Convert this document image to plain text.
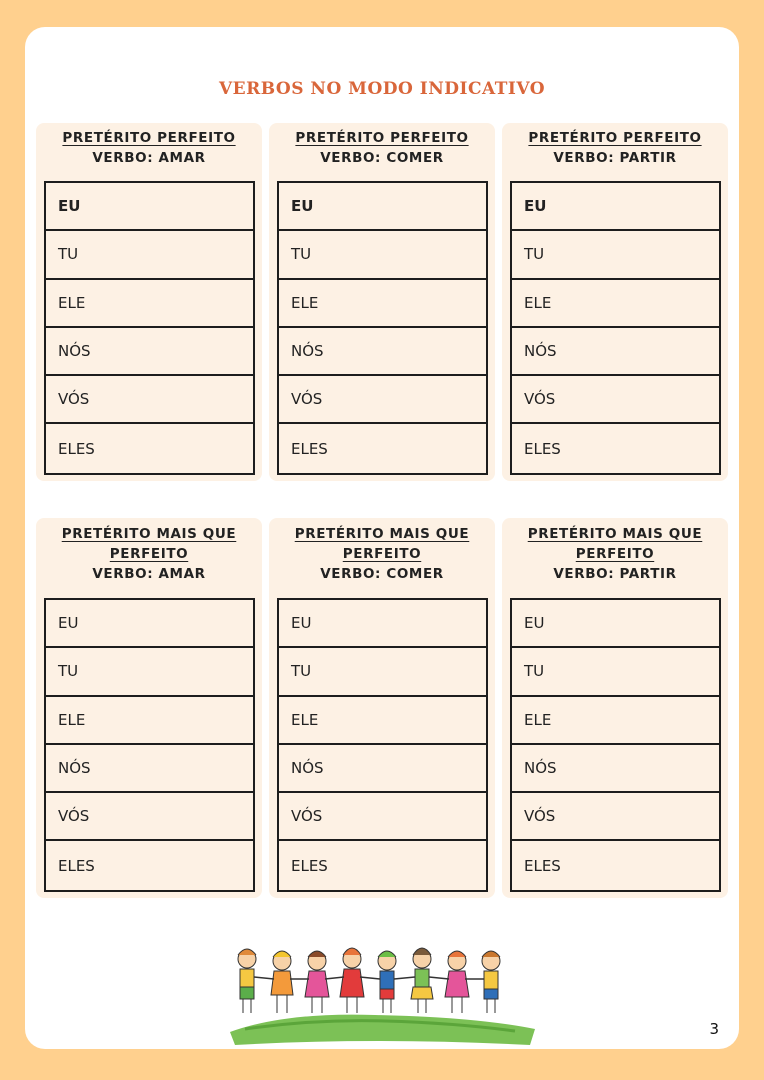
VERBOS NO MODO INDICATIVO
PRETÉRITO PERFEITO
VERBO: AMAR
EU
TU
ELE
NÓS
VÓS
ELES
PRETÉRITO PERFEITO
VERBO: COMER
EU
TU
ELE
NÓS
VÓS
ELES
PRETÉRITO PERFEITO
VERBO: PARTIR
EU
TU
ELE
NÓS
VÓS
ELES
PRETÉRITO MAIS QUE
PERFEITO
VERBO: AMAR
EU
TU
ELE
NÓS
VÓS
ELES
PRETÉRITO MAIS QUE
PERFEITO
VERBO: COMER
EU
TU
ELE
NÓS
VÓS
ELES
PRETÉRITO MAIS QUE
PERFEITO
VERBO: PARTIR
EU
TU
ELE
NÓS
VÓS
ELES
3
